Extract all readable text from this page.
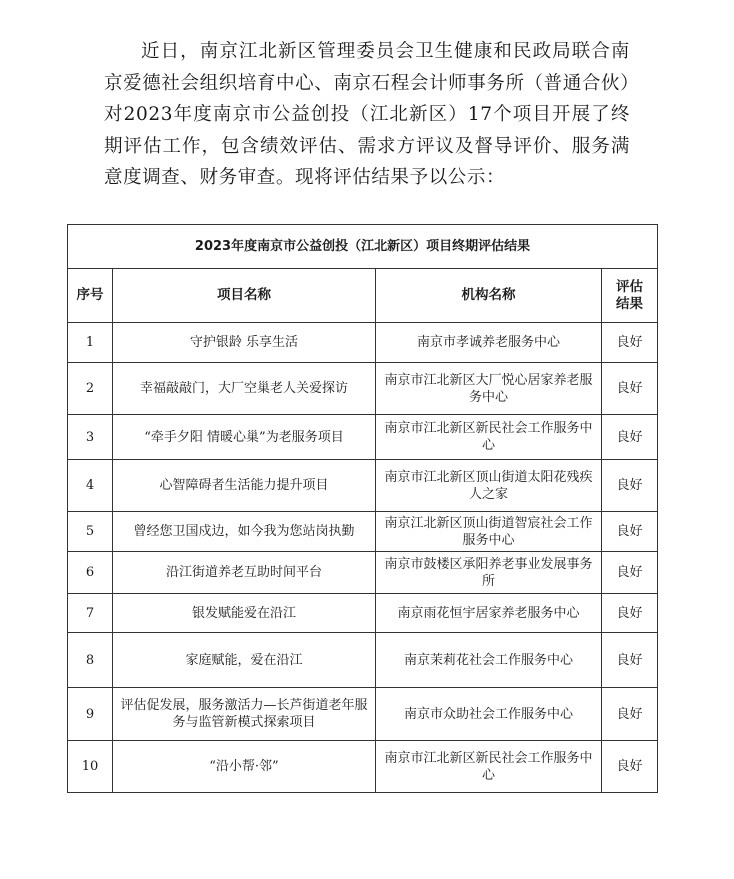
近日，南京江北新区管理委员会卫生健康和民政局联合南京爱德社会组织培育中心、南京石程会计师事务所（普通合伙）对2023年度南京市公益创投（江北新区）17个项目开展了终期评估工作，包含绩效评估、需求方评议及督导评价、服务满意度调查、财务审查。现将评估结果予以公示：

2023年度南京市公益创投（江北新区）项目终期评估结果			
序号	项目名称	机构名称	评估结果
1	守护银龄 乐享生活	南京市孝诚养老服务中心	良好
2	幸福敲敲门，大厂空巢老人关爱探访	南京市江北新区大厂悦心居家养老服务中心	良好
3	“牵手夕阳 情暖心巢”为老服务项目	南京市江北新区新民社会工作服务中心	良好
4	心智障碍者生活能力提升项目	南京市江北新区顶山街道太阳花残疾人之家	良好
5	曾经您卫国戍边，如今我为您站岗执勤	南京江北新区顶山街道智宸社会工作服务中心	良好
6	沿江街道养老互助时间平台	南京市鼓楼区承阳养老事业发展事务所	良好
7	银发赋能爱在沿江	南京雨花恒宇居家养老服务中心	良好
8	家庭赋能，爱在沿江	南京茉莉花社会工作服务中心	良好
9	评估促发展，服务激活力—长芦街道老年服务与监管新模式探索项目	南京市众助社会工作服务中心	良好
10	“沿小帮·邻”	南京市江北新区新民社会工作服务中心	良好
